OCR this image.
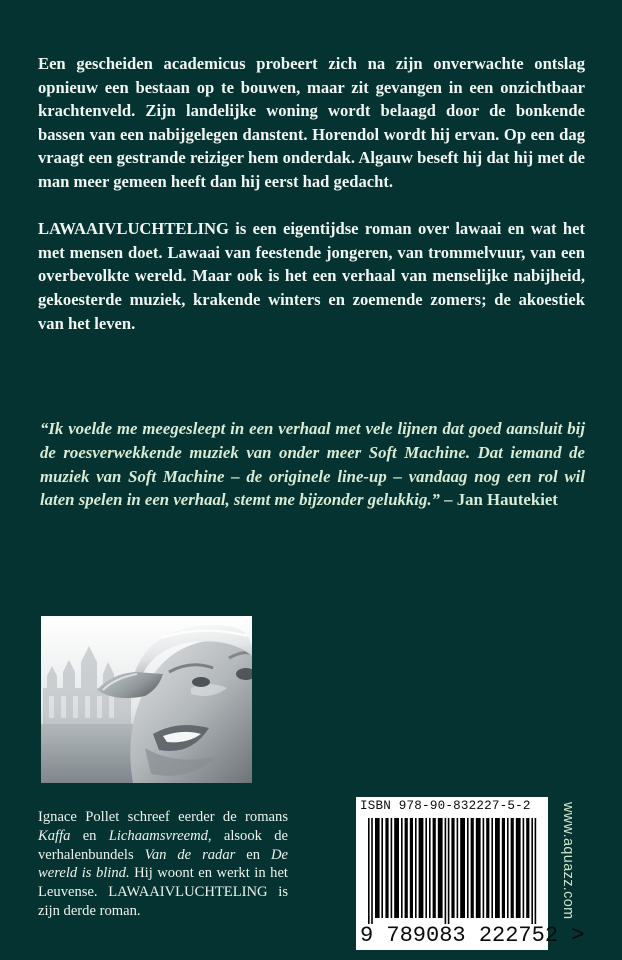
Een gescheiden academicus probeert zich na zijn onverwachte ontslag opnieuw een bestaan op te bouwen, maar zit gevangen in een onzichtbaar krachtenveld. Zijn landelijke woning wordt belaagd door de bonkende bassen van een nabijgelegen danstent. Horendol wordt hij ervan. Op een dag vraagt een gestrande reiziger hem onderdak. Algauw beseft hij dat hij met de man meer gemeen heeft dan hij eerst had gedacht.

LAWAAIVLUCHTELING is een eigentijdse roman over lawaai en wat het met mensen doet. Lawaai van feestende jongeren, van trommelvuur, van een overbevolkte wereld. Maar ook is het een verhaal van menselijke nabijheid, gekoesterde muziek, krakende winters en zoemende zomers; de akoestiek van het leven.

“Ik voelde me meegesleept in een verhaal met vele lijnen dat goed aansluit bij de roesverwekkende muziek van onder meer Soft Machine. Dat iemand de muziek van Soft Machine – de originele line-up – vandaag nog een rol wil laten spelen in een verhaal, stemt me bijzonder gelukkig.” – Jan Hautekiet

Ignace Pollet schreef eerder de romans Kaffa en Lichaamsvreemd, alsook de verhalenbundels Van de radar en De wereld is blind. Hij woont en werkt in het Leuvense. LAWAAIVLUCHTELING is zijn derde roman.

ISBN 978-90-832227-5-2
9 789083 222752 >
www.aquazz.com
